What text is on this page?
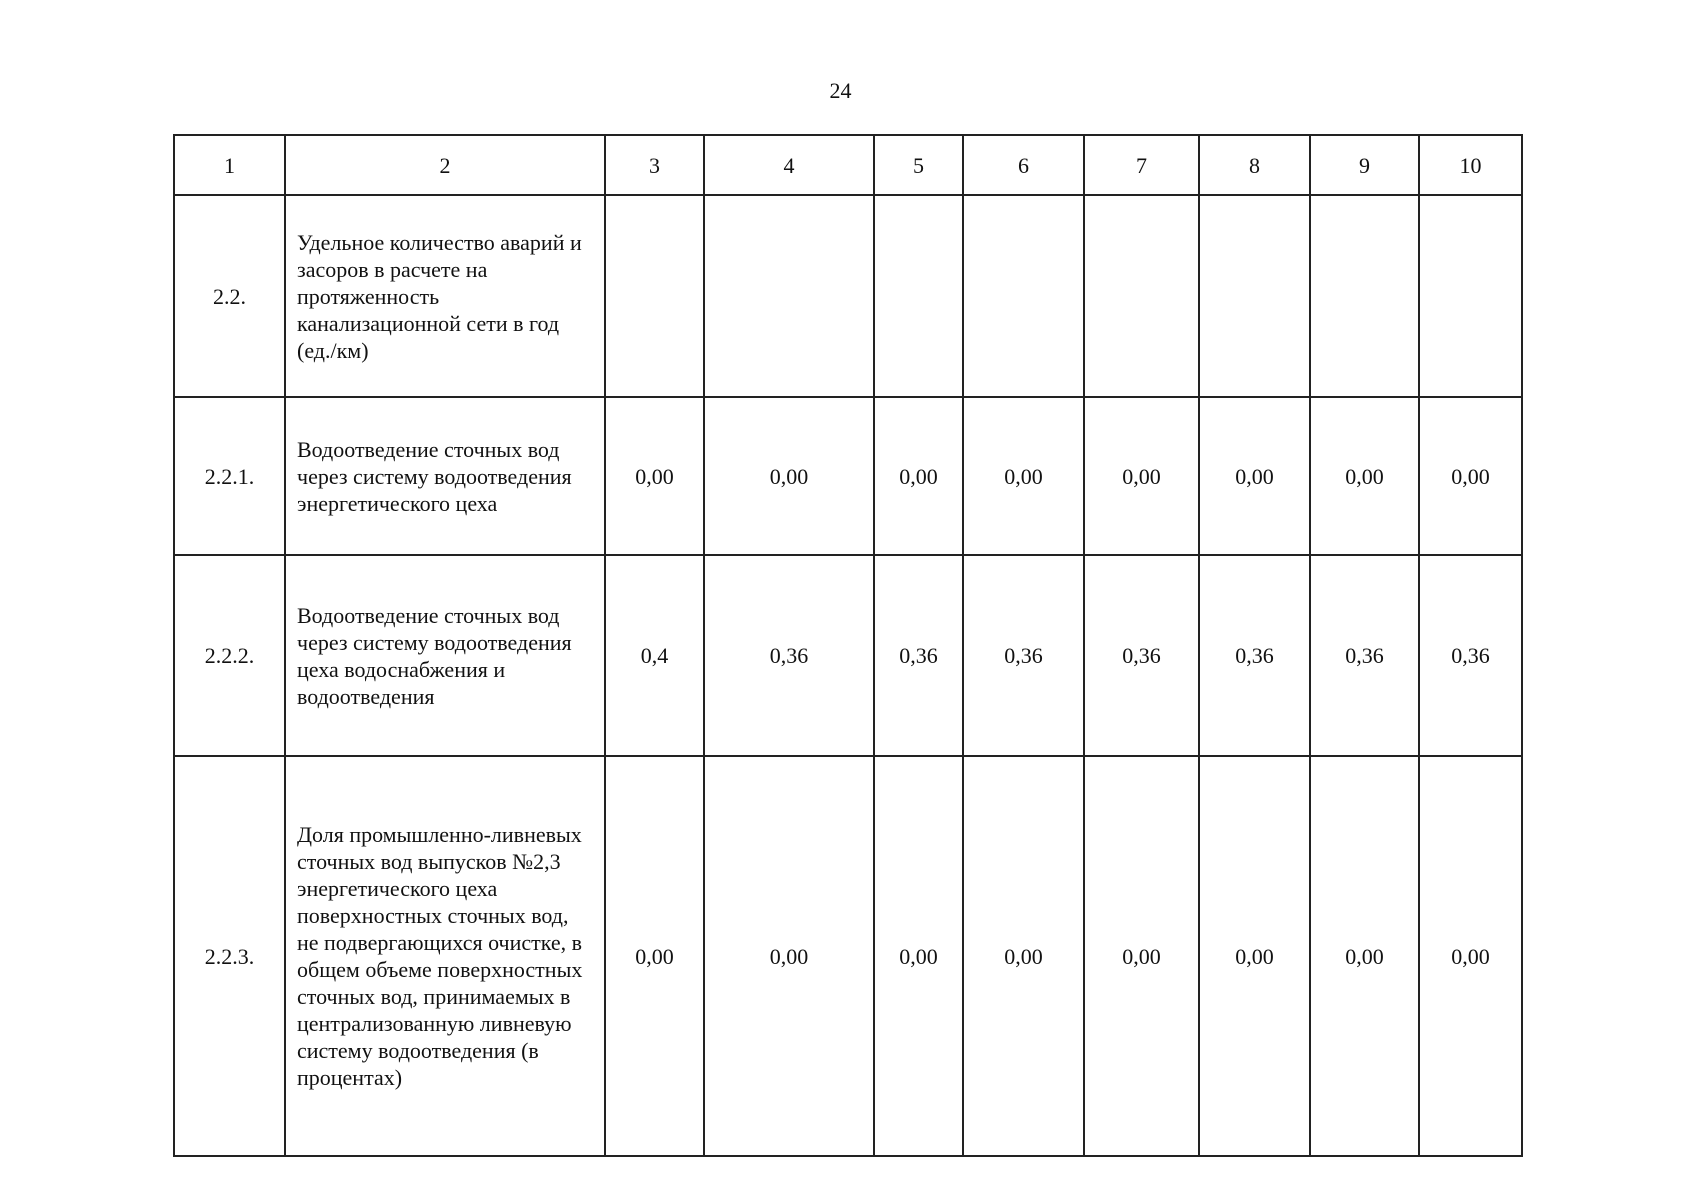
24
1	2	3	4	5	6	7	8	9	10
2.2.	Удельное количество аварий и засоров в расчете на протяженность канализационной сети в год (ед./км)								
2.2.1.	Водоотведение сточных вод через систему водоотведения энергетического цеха	0,00	0,00	0,00	0,00	0,00	0,00	0,00	0,00
2.2.2.	Водоотведение сточных вод через систему водоотведения цеха водоснабжения и водоотведения	0,4	0,36	0,36	0,36	0,36	0,36	0,36	0,36
2.2.3.	Доля промышленно-ливневых сточных вод выпусков №2,3 энергетического цеха поверхностных сточных вод, не подвергающихся очистке, в общем объеме поверхностных сточных вод, принимаемых в централизованную ливневую систему водоотведения (в процентах)	0,00	0,00	0,00	0,00	0,00	0,00	0,00	0,00
